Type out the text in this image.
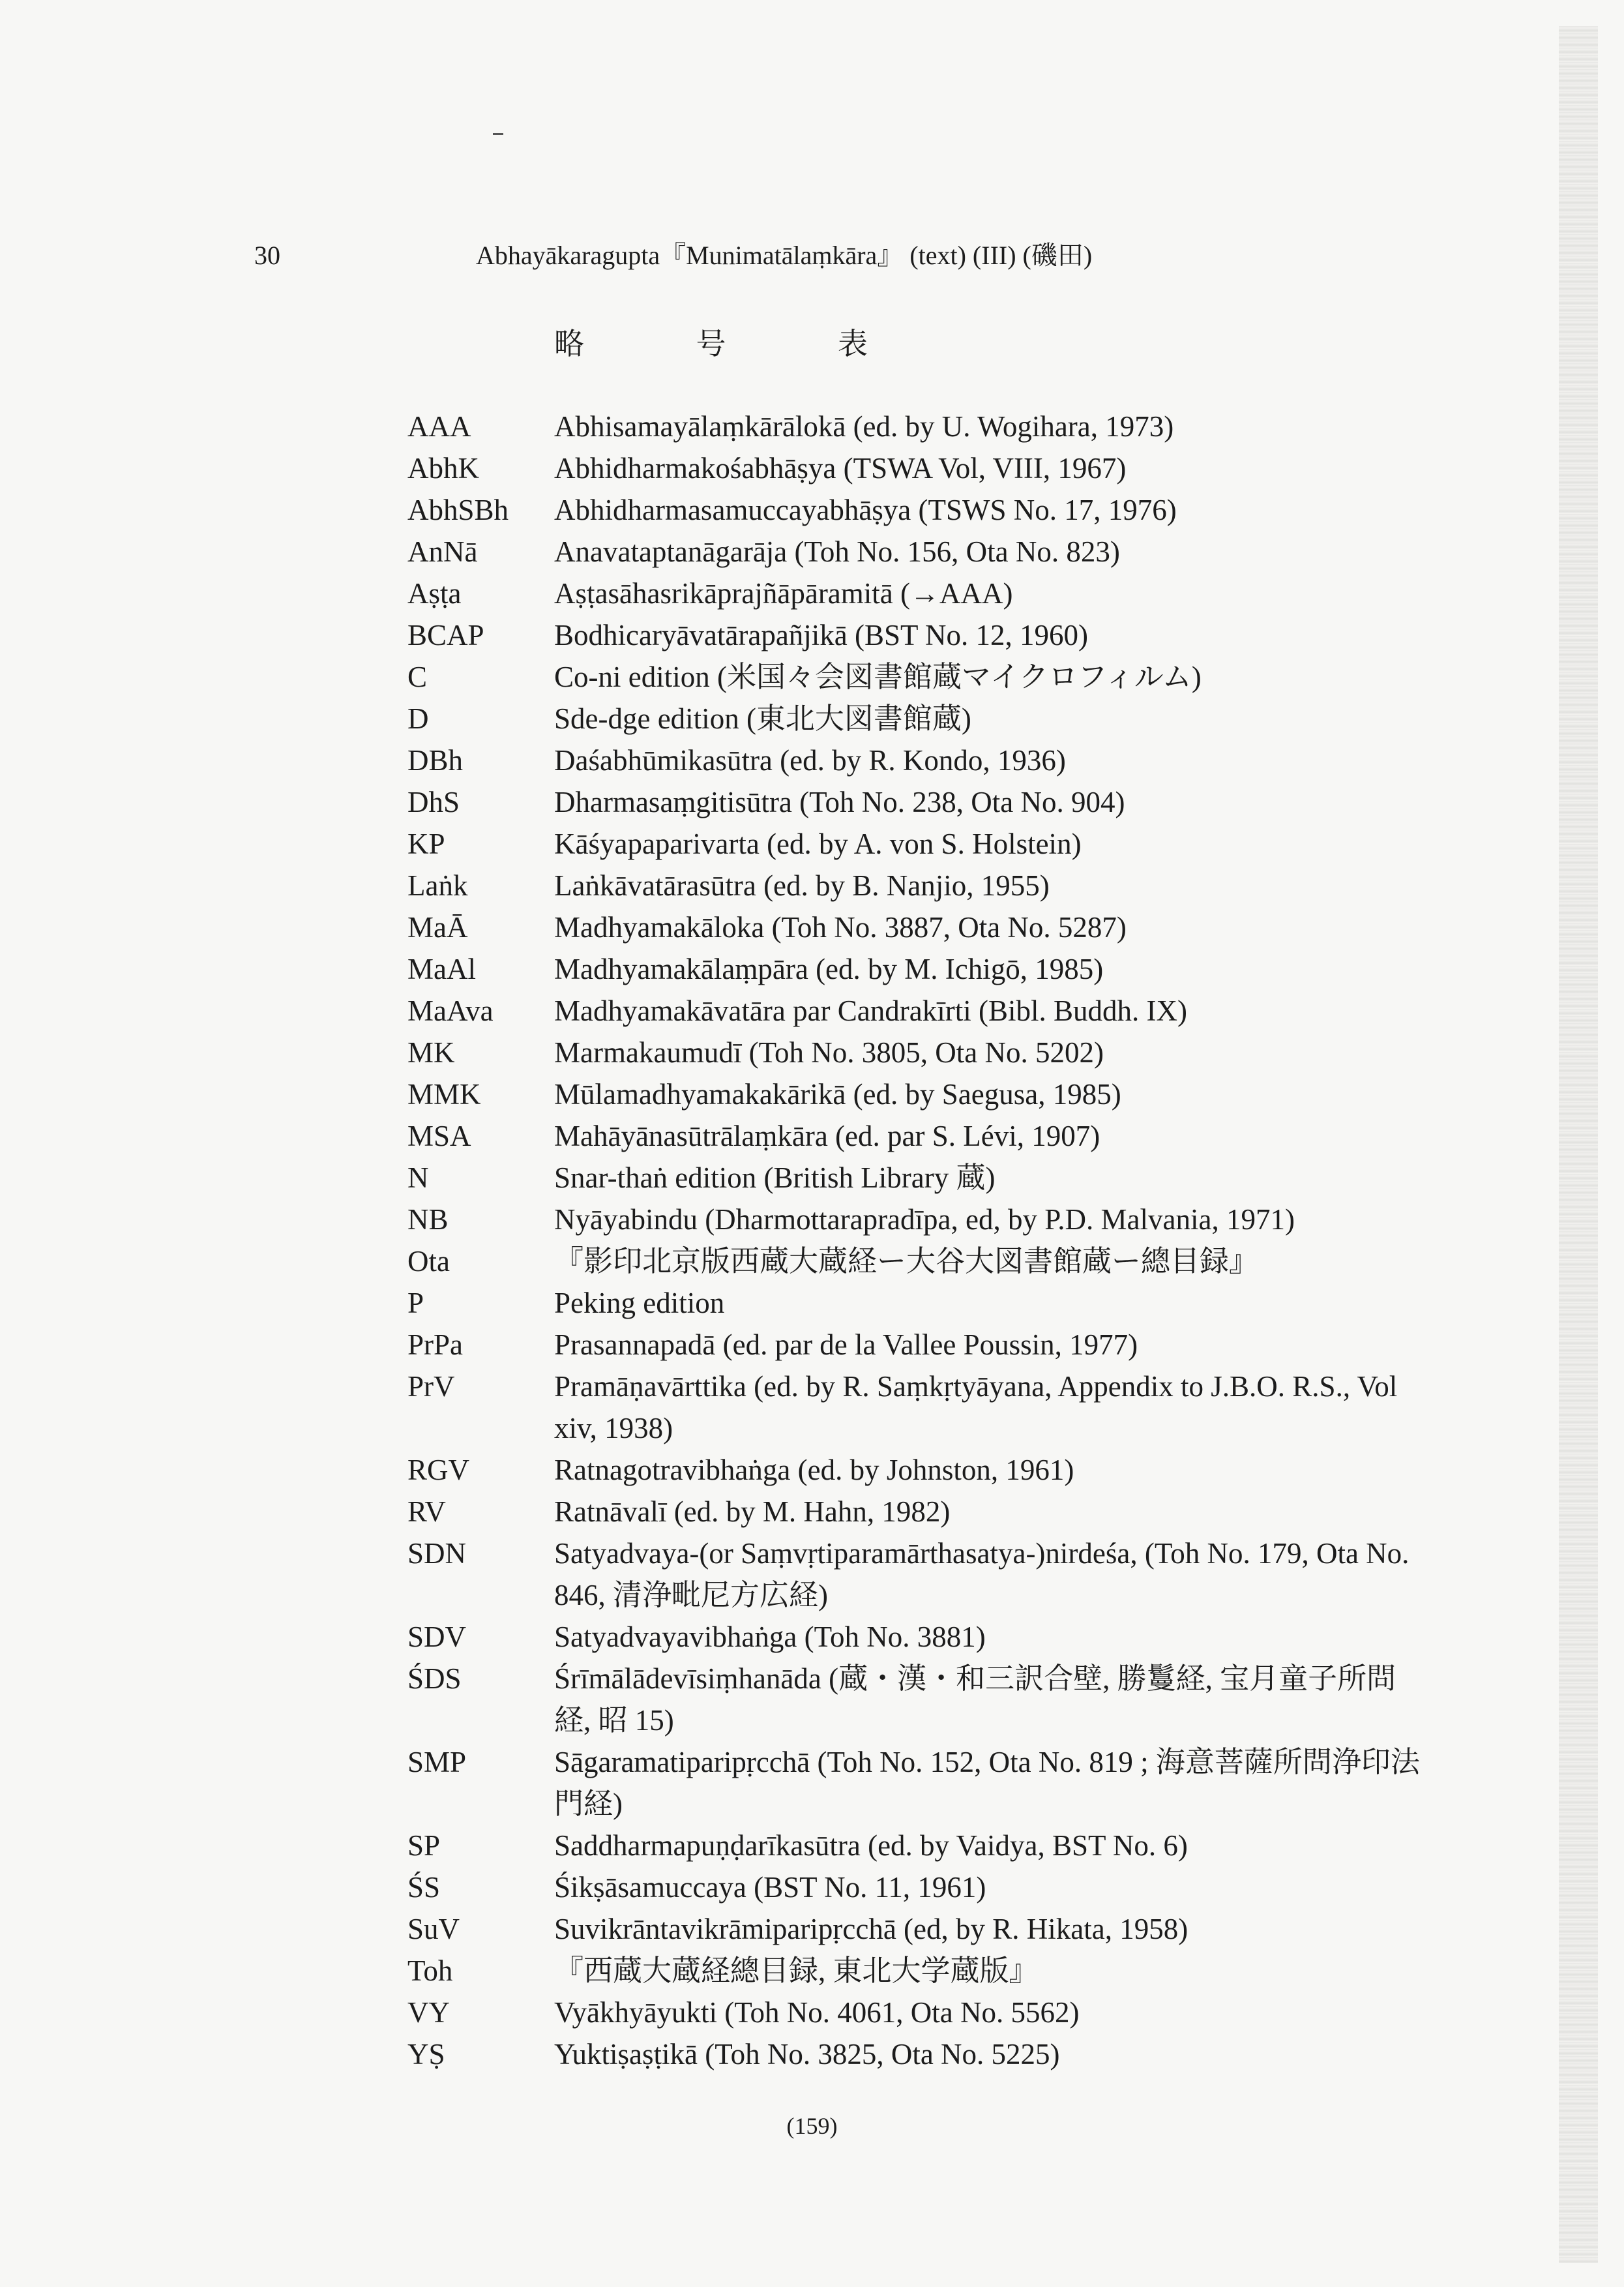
30	Abhayākaragupta『Munimatālaṃkāra』 (text) (III) (磯田)
略 号 表
AAA	Abhisamayālaṃkārālokā (ed. by U. Wogihara, 1973)
AbhK	Abhidharmakośabhāṣya (TSWA Vol, VIII, 1967)
AbhSBh	Abhidharmasamuccayabhāṣya (TSWS No. 17, 1976)
AnNā	Anavataptanāgarāja (Toh No. 156, Ota No. 823)
Aṣṭa	Aṣṭasāhasrikāprajñāpāramitā (→AAA)
BCAP	Bodhicaryāvatārapañjikā (BST No. 12, 1960)
C	Co-ni edition (米国々会図書館蔵マイクロフィルム)
D	Sde-dge edition (東北大図書館蔵)
DBh	Daśabhūmikasūtra (ed. by R. Kondo, 1936)
DhS	Dharmasaṃgitisūtra (Toh No. 238, Ota No. 904)
KP	Kāśyapaparivarta (ed. by A. von S. Holstein)
Laṅk	Laṅkāvatārasūtra (ed. by B. Nanjio, 1955)
MaĀ	Madhyamakāloka (Toh No. 3887, Ota No. 5287)
MaAl	Madhyamakālaṃpāra (ed. by M. Ichigō, 1985)
MaAva	Madhyamakāvatāra par Candrakīrti (Bibl. Buddh. IX)
MK	Marmakaumudī (Toh No. 3805, Ota No. 5202)
MMK	Mūlamadhyamakakārikā (ed. by Saegusa, 1985)
MSA	Mahāyānasūtrālaṃkāra (ed. par S. Lévi, 1907)
N	Snar-thaṅ edition (British Library 蔵)
NB	Nyāyabindu (Dharmottarapradīpa, ed, by P.D. Malvania, 1971)
Ota	『影印北京版西蔵大蔵経ー大谷大図書館蔵ー總目録』
P	Peking edition
PrPa	Prasannapadā (ed. par de la Vallee Poussin, 1977)
PrV	Pramāṇavārttika (ed. by R. Saṃkṛtyāyana, Appendix to J.B.O. R.S., Vol xiv, 1938)
RGV	Ratnagotravibhaṅga (ed. by Johnston, 1961)
RV	Ratnāvalī (ed. by M. Hahn, 1982)
SDN	Satyadvaya-(or Saṃvṛtiparamārthasatya-)nirdeśa, (Toh No. 179, Ota No. 846, 清浄毗尼方広経)
SDV	Satyadvayavibhaṅga (Toh No. 3881)
ŚDS	Śrīmālādevīsiṃhanāda (蔵・漢・和三訳合壁, 勝鬘経, 宝月童子所問経, 昭 15)
SMP	Sāgaramatiparipṛcchā (Toh No. 152, Ota No. 819 ; 海意菩薩所問浄印法門経)
SP	Saddharmapuṇḍarīkasūtra (ed. by Vaidya, BST No. 6)
ŚS	Śikṣāsamuccaya (BST No. 11, 1961)
SuV	Suvikrāntavikrāmiparipṛcchā (ed, by R. Hikata, 1958)
Toh	『西蔵大蔵経總目録, 東北大学蔵版』
VY	Vyākhyāyukti (Toh No. 4061, Ota No. 5562)
YṢ	Yuktiṣaṣṭikā (Toh No. 3825, Ota No. 5225)
(159)
